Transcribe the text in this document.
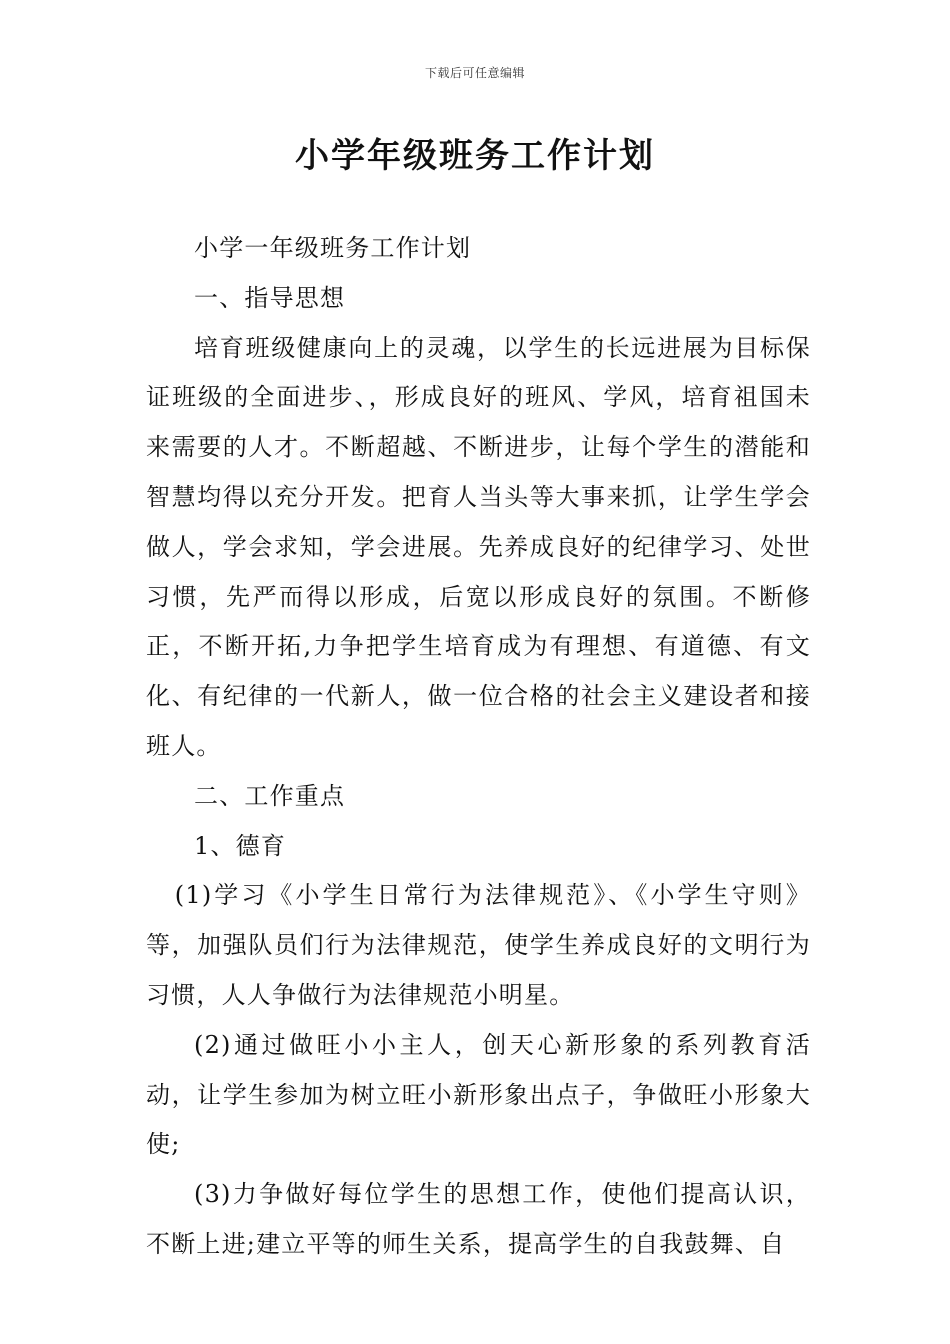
下载后可任意编辑
小学年级班务工作计划

小学一年级班务工作计划

一、指导思想

培育班级健康向上的灵魂，以学生的长远进展为目标保证班级的全面进步、，形成良好的班风、学风，培育祖国未来需要的人才。不断超越、不断进步，让每个学生的潜能和智慧均得以充分开发。把育人当头等大事来抓，让学生学会做人，学会求知，学会进展。先养成良好的纪律学习、处世习惯，先严而得以形成，后宽以形成良好的氛围。不断修正，不断开拓,力争把学生培育成为有理想、有道德、有文化、有纪律的一代新人，做一位合格的社会主义建设者和接班人。

二、工作重点

1、德育

(1)学习《小学生日常行为法律规范》、《小学生守则》等，加强队员们行为法律规范，使学生养成良好的文明行为习惯，人人争做行为法律规范小明星。

(2)通过做旺小小主人，创天心新形象的系列教育活动，让学生参加为树立旺小新形象出点子，争做旺小形象大使;

(3)力争做好每位学生的思想工作，使他们提高认识，不断上进;建立平等的师生关系，提高学生的自我鼓舞、自
